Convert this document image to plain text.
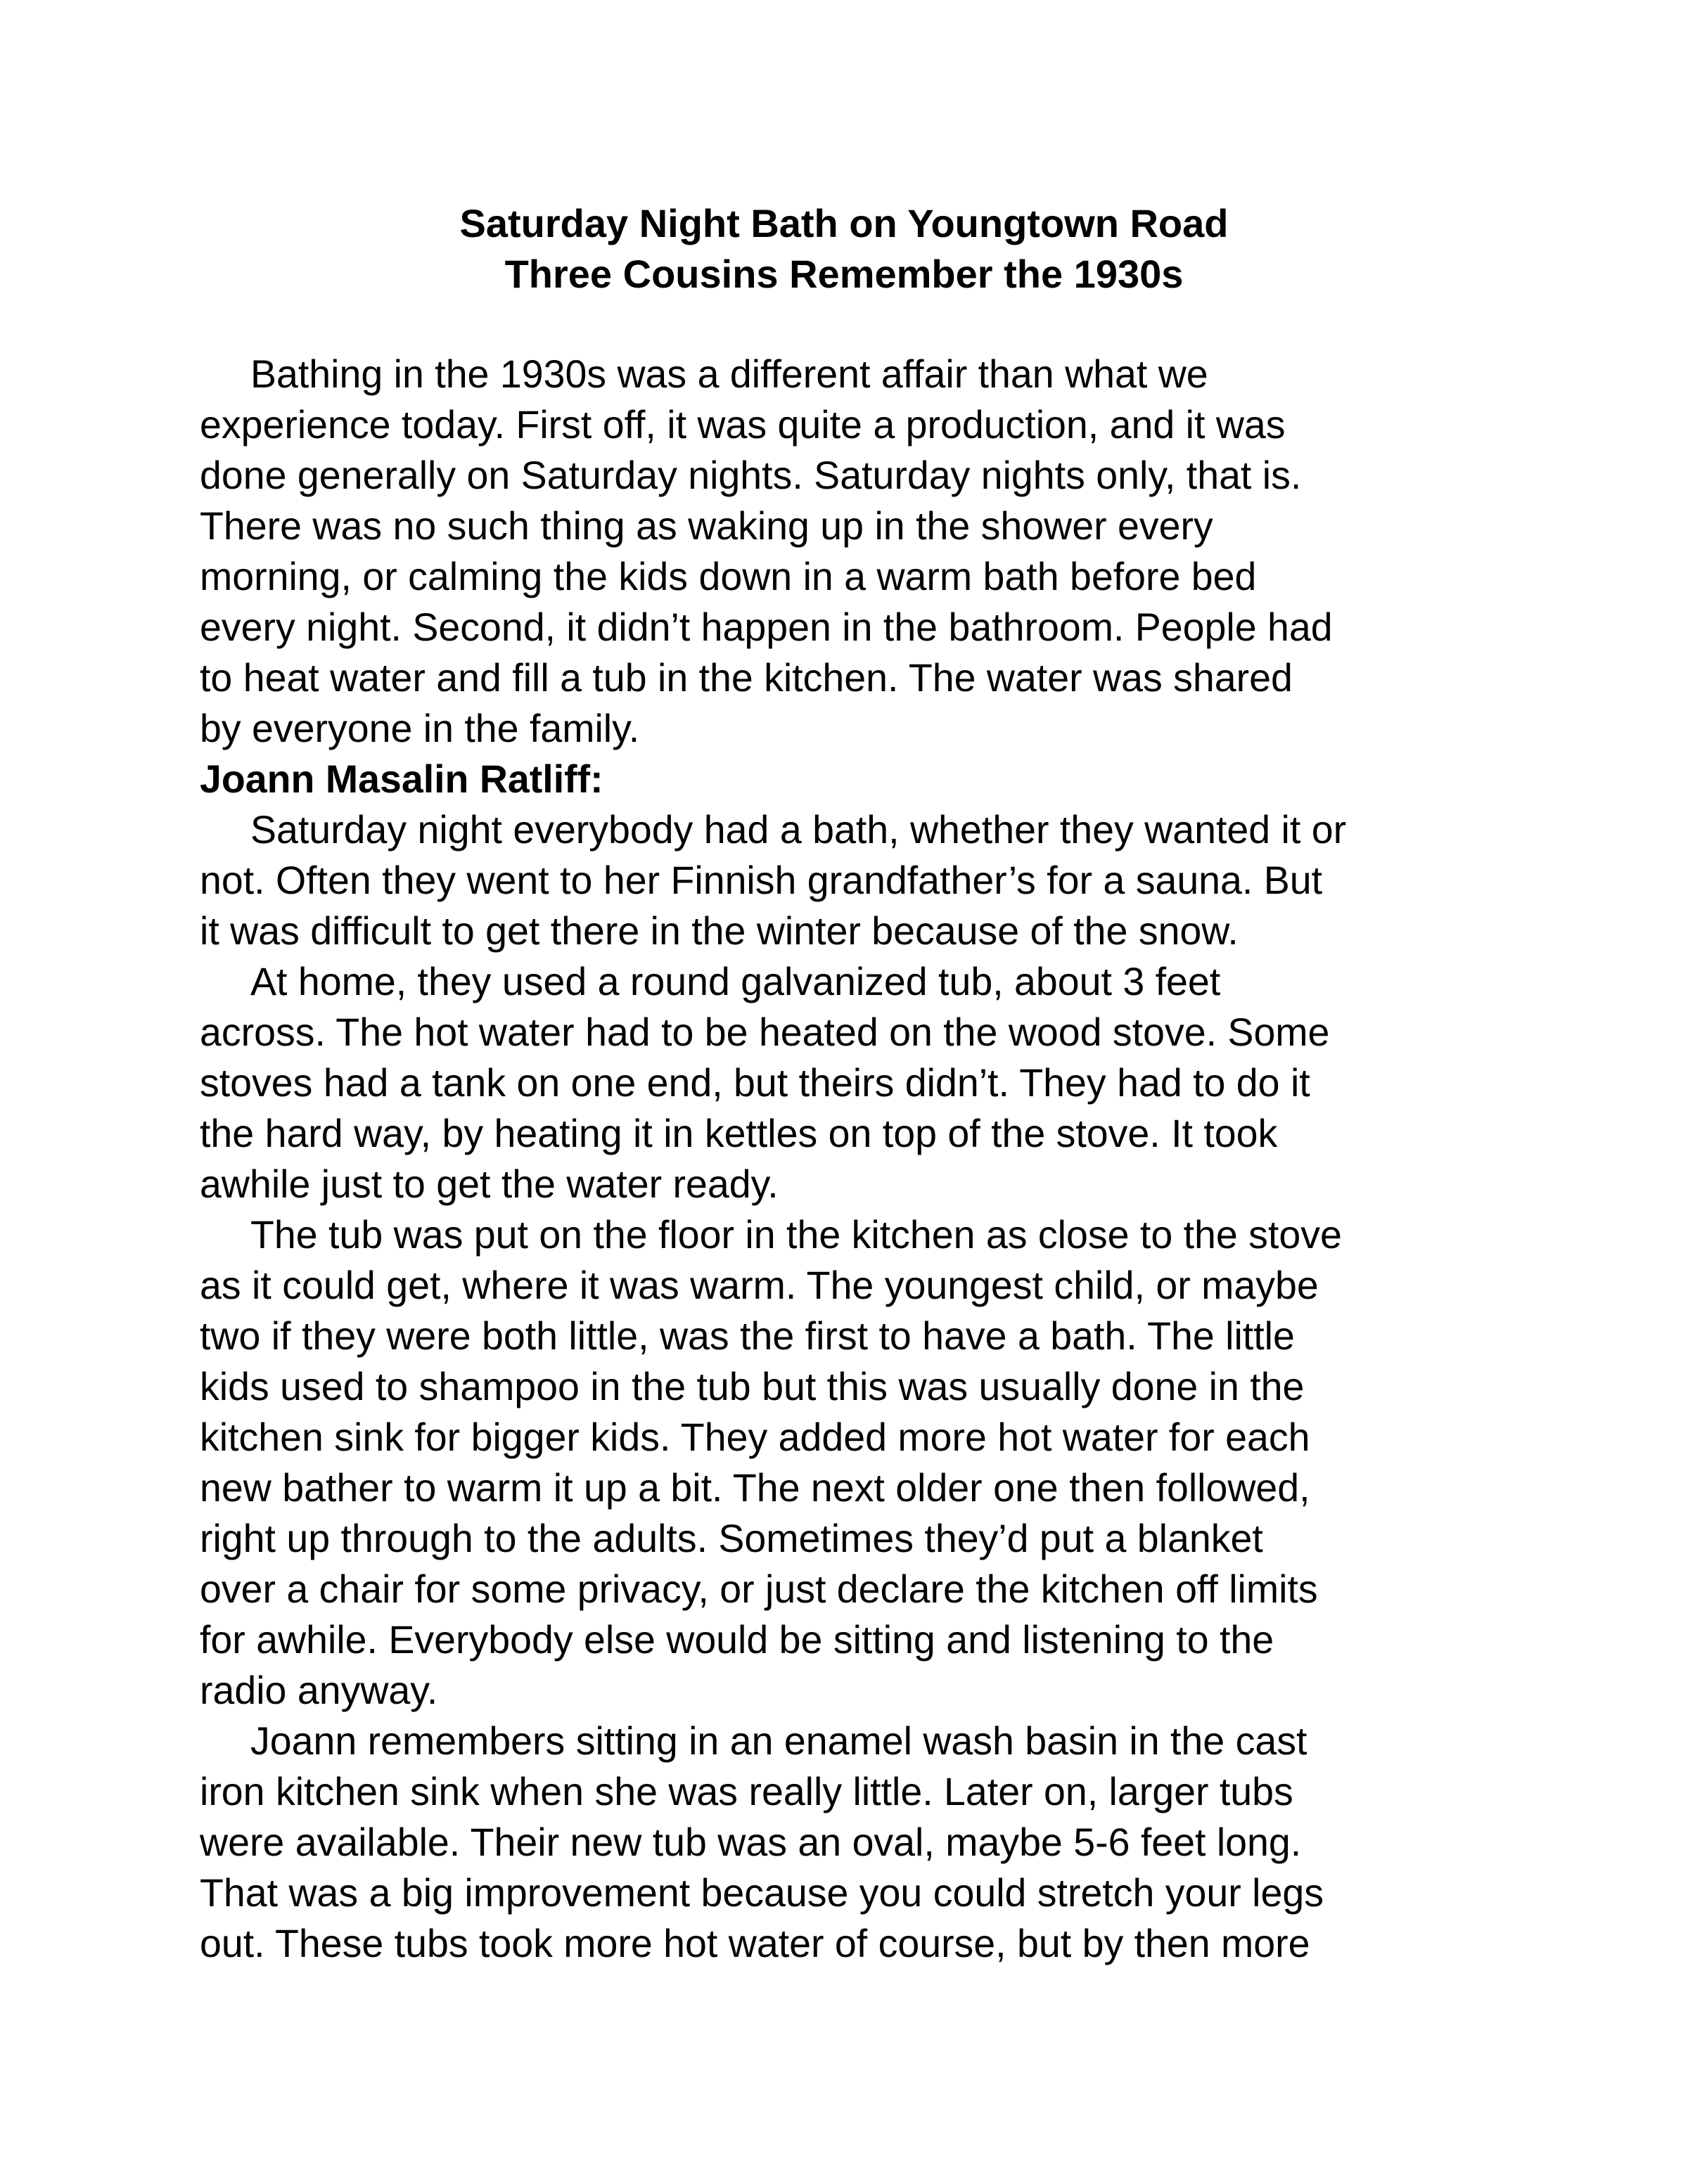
Saturday Night Bath on Youngtown Road
Three Cousins Remember the 1930s
Bathing in the 1930s was a different affair than what we
experience today. First off, it was quite a production, and it was
done generally on Saturday nights. Saturday nights only, that is.
There was no such thing as waking up in the shower every
morning, or calming the kids down in a warm bath before bed
every night. Second, it didn’t happen in the bathroom. People had
to heat water and fill a tub in the kitchen. The water was shared
by everyone in the family.
Joann Masalin Ratliff:
Saturday night everybody had a bath, whether they wanted it or
not. Often they went to her Finnish grandfather’s for a sauna. But
it was difficult to get there in the winter because of the snow.
At home, they used a round galvanized tub, about 3 feet
across. The hot water had to be heated on the wood stove. Some
stoves had a tank on one end, but theirs didn’t. They had to do it
the hard way, by heating it in kettles on top of the stove. It took
awhile just to get the water ready.
The tub was put on the floor in the kitchen as close to the stove
as it could get, where it was warm. The youngest child, or maybe
two if they were both little, was the first to have a bath. The little
kids used to shampoo in the tub but this was usually done in the
kitchen sink for bigger kids. They added more hot water for each
new bather to warm it up a bit. The next older one then followed,
right up through to the adults. Sometimes they’d put a blanket
over a chair for some privacy, or just declare the kitchen off limits
for awhile. Everybody else would be sitting and listening to the
radio anyway.
Joann remembers sitting in an enamel wash basin in the cast
iron kitchen sink when she was really little. Later on, larger tubs
were available. Their new tub was an oval, maybe 5-6 feet long.
That was a big improvement because you could stretch your legs
out. These tubs took more hot water of course, but by then more
